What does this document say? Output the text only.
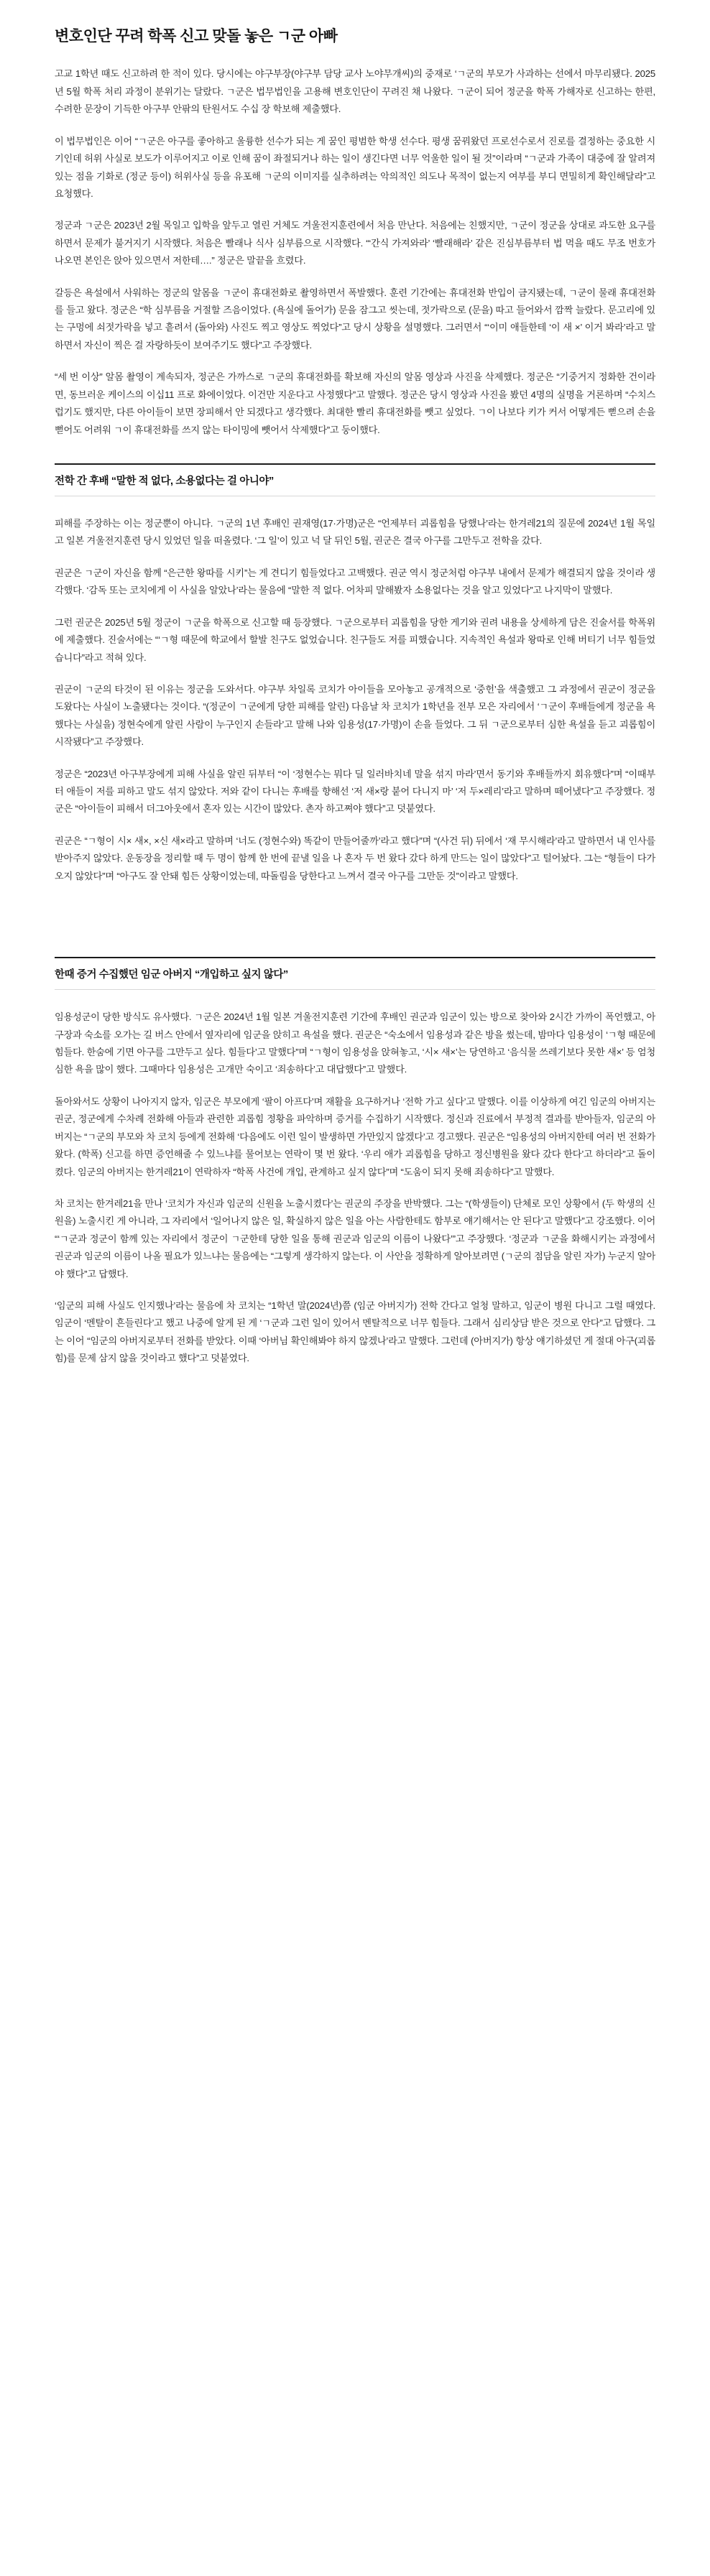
변호인단 꾸려 학폭 신고 맞돌 놓은 ㄱ군 아빠

고교 1학년 때도 신고하려 한 적이 있다. 당시에는 야구부장(야구부 담당 교사 노야무개씨)의 중재로 ‘ㄱ군의 부모가 사과하는 선에서 마무리됐다. 2025년 5월 학폭 처리 과정이 분위기는 달랐다. ㄱ군은 법무법인을 고용해 변호인단이 꾸려진 채 나왔다. ㄱ군이 되어 정군을 학폭 가해자로 신고하는 한편, 수려한 문장이 기득한 아구부 안팎의 탄원서도 수십 장 학보해 제출했다.

이 법무법인은 이어 “ㄱ군은 아구를 좋아하고 울륭한 선수가 되는 게 꿈인 평범한 학생 선수다. 평생 꿈꿔왔던 프로선수로서 진로를 결정하는 중요한 시기인데 허위 사실로 보도가 이루어지고 이로 인해 꿈이 좌절되거나 하는 일이 생긴다면 너무 억울한 일이 될 것”이라며 “ㄱ군과 가족이 대중에 잘 알려져 있는 점을 기화로 (정군 등이) 허위사실 등을 유포해 ㄱ군의 이미지를 실추하려는 악의적인 의도나 목적이 없는지 여부를 부디 면밀히게 확인해달라”고 요청했다.

정군과 ㄱ군은 2023년 2월 목일고 입학을 앞두고 열린 거체도 겨울전지훈련에서 처음 만난다. 처음에는 친했지만, ㄱ군이 정군을 상대로 과도한 요구를 하면서 문제가 불거지기 시작했다. 처음은 빨래나 식사 심부름으로 시작했다. “‘간식 가져와라’ ‘빨래해라’ 같은 진심부름부터 법 먹을 때도 무조 번호가 나오면 본인은 앉아 있으면서 저한테….” 정군은 말끝을 흐렸다.

갈등은 욕설에서 사워하는 정군의 알몸을 ㄱ군이 휴대전화로 촬영하면서 폭발했다. 훈련 기간에는 휴대전화 반입이 금지됐는데, ㄱ군이 물래 휴대전화를 들고 왔다. 정군은 “학 심부름을 거절할 즈음이었다. (욕실에 돌어가) 문을 잠그고 씻는데, 젓가락으로 (문을) 따고 들어와서 깜짝 늘랐다. 문고리에 있는 구멍에 쇠젓가락을 넣고 흩려서 (돌아와) 사진도 찍고 영상도 찍었다”고 당시 상황을 설명했다. 그러면서 “‘이미 애들한테 ‘이 새 ×’ 이거 봐라’라고 말하면서 자신이 찍은 걸 자랑하듯이 보여주기도 했다”고 주장했다.

“세 번 이상” 알몸 촬영이 계속되자, 정군은 가까스로 ㄱ군의 휴대전화를 확보해 자신의 알몸 영상과 사진을 삭제했다. 정군은 “기중거지 정화한 건이라면, 동브러운 케이스의 이십11 프로 화에이었다. 이건만 지운다고 사정했다”고 말했다. 정군은 당시 영상과 사진을 봤던 4명의 실명을 거론하며 “수치스럽기도 했지만, 다른 아이들이 보면 장피해서 안 되겠다고 생각했다. 최대한 빨리 휴대전화를 뺏고 싶었다. ㄱ이 나보다 키가 커서 어떻게든 뻗으려 손을 뻗어도 어려워 ㄱ이 휴대전화를 쓰지 않는 타이밍에 뺏어서 삭제했다”고 둥이했다.

전학 간 후배 “말한 적 없다, 소용없다는 걸 아니야”

피해를 주장하는 이는 정군뿐이 아니다. ㄱ군의 1년 후배인 권재영(17·가명)군은 “언제부터 괴롭힘을 당했나’라는 한겨레21의 질문에 2024년 1월 목일고 일본 겨울전지훈련 당시 있었던 일을 떠올렸다. ‘그 일’이 있고 넉 달 뒤인 5월, 권군은 결국 아구를 그만두고 전학을 갔다.

권군은 ㄱ군이 자신을 함께 “은근한 왕따를 시키”는 게 견디기 힘들었다고 고백했다. 권군 역시 정군처럼 야구부 내에서 문제가 해결되지 않을 것이라 생각했다. ‘감독 또는 코치에게 이 사실을 알았나’라는 물음에 “말한 적 없다. 어차피 말해봤자 소용없다는 것을 알고 있었다”고 나지막이 말했다.

그런 권군은 2025년 5월 정군이 ㄱ군을 학폭으로 신고할 때 등장했다. ㄱ군으로부터 괴롭힘을 당한 게기와 권려 내용을 상세하게 담은 진술서를 학폭위에 제출했다. 진술서에는 “‘ㄱ형 때문에 학교에서 할발 친구도 없었습니다. 친구들도 저를 피했습니다. 지속적인 욕설과 왕따로 인해 버티기 너무 힘들었습니다”라고 적혀 있다.

권군이 ㄱ군의 타것이 된 이유는 정군을 도와서다. 야구부 차일록 코치가 아이들을 모아놓고 공개적으로 ‘중헌’을 색출했고 그 과정에서 권군이 정군을 도왔다는 사실이 노출됐다는 것이다. “(정군이 ㄱ군에게 당한 피해를 알린) 다음날 차 코치가 1학년을 전부 모은 자리에서 ‘ㄱ군이 후배들에게 정군을 욕했다는 사실을) 정현숙에게 알린 사람이 누구인지 손들라’고 말해 나와 임용성(17·가명)이 손을 들었다. 그 뒤 ㄱ군으로부터 심한 욕설을 듣고 괴롭힘이 시작됐다”고 주장했다.

정군은 “2023년 아구부장에게 피해 사실을 알린 뒤부터 “이 ‘정현수는 뭐다 딜 일러바치네 말을 섞지 마라’면서 동기와 후배들까지 회유했다”며 “이때부터 애들이 저를 피하고 말도 섞지 않았다. 저와 같이 다니는 후배를 향해선 ‘저 새×랑 붙어 다니지 마’ ‘저 두×레리’라고 말하며 떼어냈다”고 주장했다. 정군은 “아이들이 피해서 더그아웃에서 혼자 있는 시간이 많았다. 촌자 하고쪄야 했다”고 덧붙였다.

권군은 “ㄱ형이 시× 새×, ×신 새×라고 말하며 ‘너도 (정현수와) 똑같이 만들어줄까’라고 했다”며 “(사건 뒤) 뒤에서 ‘재 무시해라’라고 말하면서 내 인사를 받아주지 않았다. 운동장을 정리할 때 두 명이 함께 한 번에 끝낼 일을 나 혼자 두 번 왔다 갔다 하게 만드는 일이 많았다”고 털어놨다. 그는 “형들이 다가오지 않았다”며 “아구도 잘 안돼 힘든 상황이었는데, 따돌림을 당한다고 느껴서 결국 아구를 그만둔 것”이라고 말했다.

한때 증거 수집했던 임군 아버지 “개입하고 싶지 않다”

임용성군이 당한 방식도 유사했다. ㄱ군은 2024년 1월 일본 겨울전지훈련 기간에 후배인 권군과 임군이 있는 방으로 찾아와 2시간 가까이 폭언했고, 아구장과 숙소를 오가는 길 버스 안에서 옆자리에 임군을 앉히고 욕설을 했다. 권군은 “숙소에서 임용성과 같은 방을 썼는데, 밤마다 임용성이 ‘ㄱ형 때문에 힘들다. 한숨에 기면 아구를 그만두고 싶다. 힘들다’고 말했다”며 “ㄱ형이 임용성을 앉혀놓고, ‘시× 새×’는 당연하고 ‘음식물 쓰레기보다 못한 새×’ 등 엄청 심한 욕을 많이 했다. 그때마다 임용성은 고개만 숙이고 ‘죄송하다’고 대답했다”고 말했다.

돌아와서도 상황이 나아지지 않자, 임군은 부모에게 ‘팔이 아프다’며 재활을 요구하거나 ‘전학 가고 싶다’고 말했다. 이를 이상하게 여긴 임군의 아버지는 권군, 정군에게 수차례 전화해 아들과 관련한 괴롭힘 정황을 파악하며 증거를 수집하기 시작했다. 정신과 진료에서 부정적 결과를 받아들자, 임군의 아버지는 “ㄱ군의 부모와 차 코치 등에게 전화해 ‘다음에도 이런 일이 발생하면 가만있지 않겠다’고 경고했다. 권군은 “임용성의 아버지한테 여러 번 전화가 왔다. (학폭) 신고를 하면 증언해줄 수 있느냐를 물어보는 연락이 몇 번 왔다. ‘우리 애가 괴롭힘을 당하고 정신병원을 왔다 갔다 한다’고 하더라”고 돌이켰다. 임군의 아버지는 한겨레21이 연락하자 “학폭 사건에 개입, 관계하고 싶지 않다”며 “도움이 되지 못해 죄송하다”고 말했다.

차 코치는 한겨레21을 만나 ‘코치가 자신과 임군의 신원을 노출시켰다’는 권군의 주장을 반박했다. 그는 “(학생들이) 단체로 모인 상황에서 (두 학생의 신원을) 노출시킨 게 아니라, 그 자리에서 ‘일어나지 않은 일, 확실하지 않은 일을 아는 사람한테도 함부로 얘기해서는 안 된다’고 말했다”고 강조했다. 이어 “‘ㄱ군과 정군이 함께 있는 자리에서 정군이 ㄱ군한테 당한 일을 통해 권군과 임군의 이름이 나왔다’”고 주장했다. ‘정군과 ㄱ군을 화해시키는 과정에서 권군과 임군의 이름이 나올 필요가 있느냐는 물음에는 “그렇게 생각하지 않는다. 이 사안을 정확하게 알아보려면 (ㄱ군의 점담을 알린 자가) 누군지 알아야 했다”고 답했다.

‘임군의 피해 사실도 인지했나’라는 물음에 차 코치는 “1학년 말(2024년)쯤 (임군 아버지가) 전학 간다고 얼청 말하고, 임군이 병원 다니고 그럴 때였다. 임군이 ‘멘탈이 흔들린다’고 했고 나중에 알게 된 게 ‘ㄱ군과 그런 일이 있어서 멘탈적으로 너무 힘들다. 그래서 심리상담 받은 것으로 안다”고 답했다. 그는 이어 “임군의 아버지로부터 전화를 받았다. 이때 ‘아버님 확인해봐야 하지 않겠나’라고 말했다. 그런데 (아버지가) 항상 얘기하셨던 게 절대 아구(괴롭힘)를 문제 삼지 않을 것이라고 했다”고 덧붙였다.
